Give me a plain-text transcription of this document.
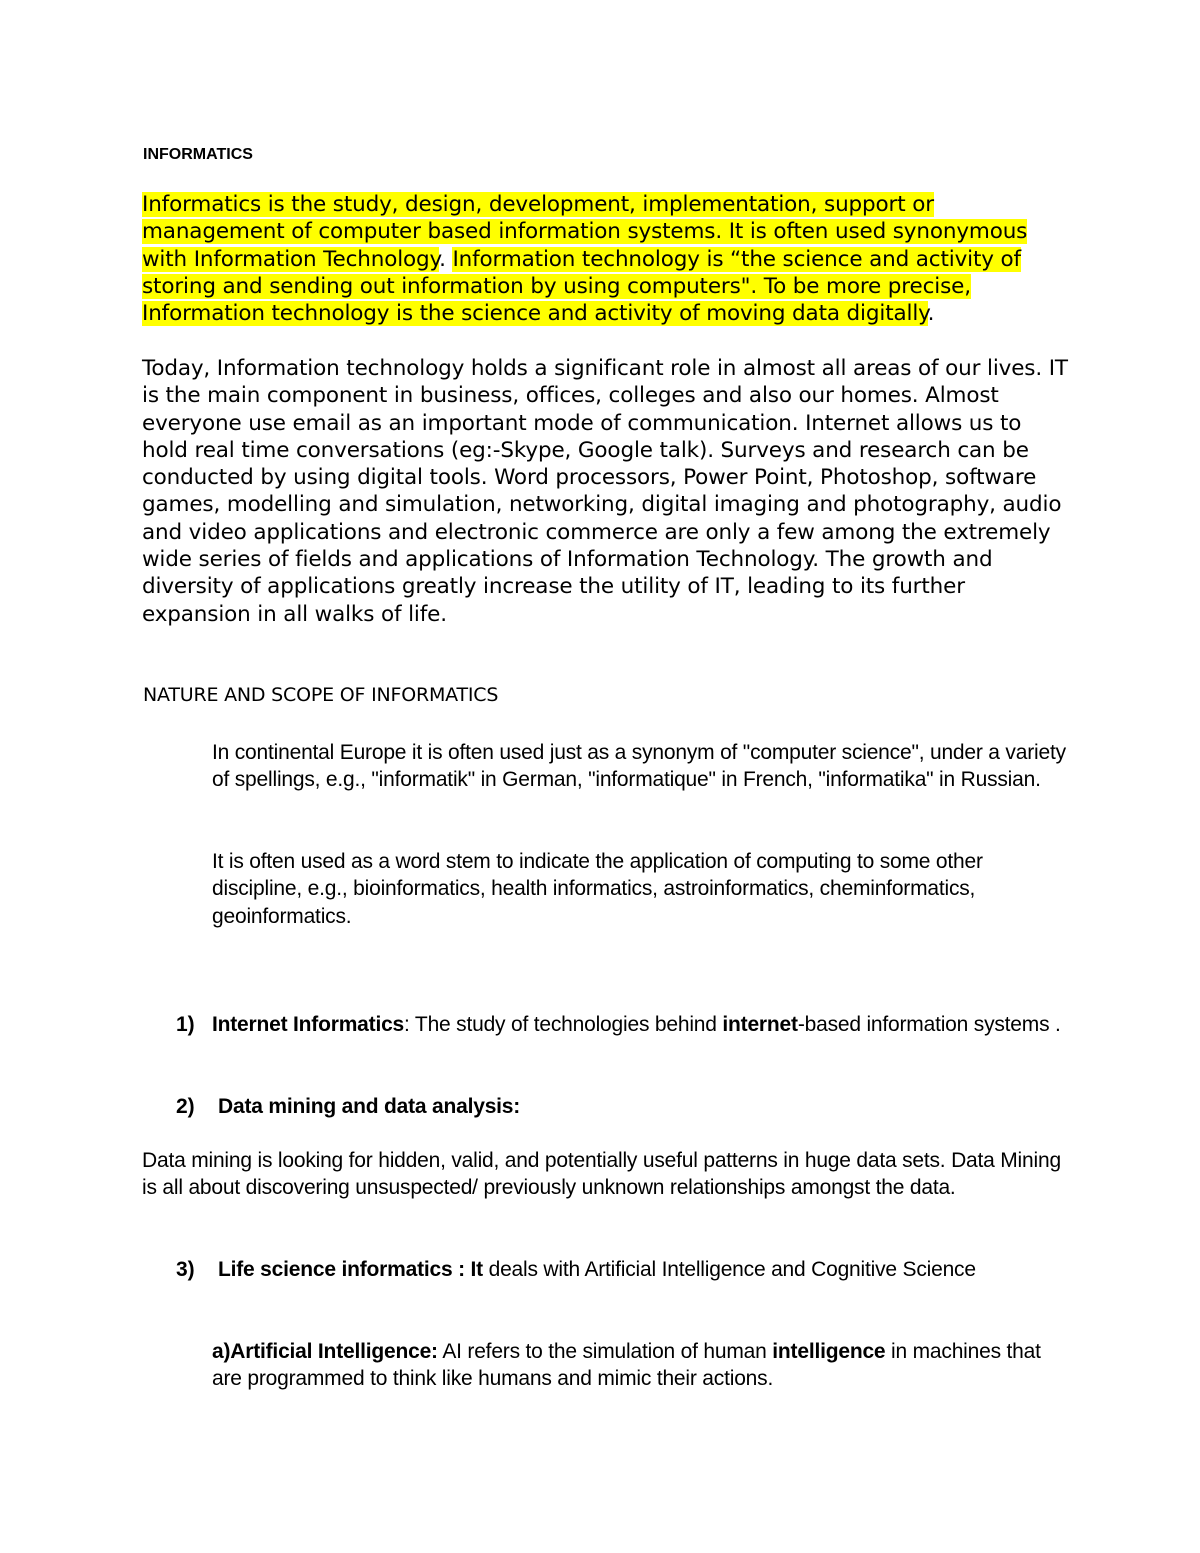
INFORMATICS

Informatics is the study, design, development, implementation, support or management of computer based information systems. It is often used synonymous with Information Technology. Information technology is “the science and activity of storing and sending out information by using computers". To be more precise, Information technology is the science and activity of moving data digitally.

Today, Information technology holds a significant role in almost all areas of our lives. IT is the main component in business, offices, colleges and also our homes. Almost everyone use email as an important mode of communication. Internet allows us to hold real time conversations (eg:-Skype, Google talk). Surveys and research can be conducted by using digital tools. Word processors, Power Point, Photoshop, software games, modelling and simulation, networking, digital imaging and photography, audio and video applications and electronic commerce are only a few among the extremely wide series of fields and applications of Information Technology. The growth and diversity of applications greatly increase the utility of IT, leading to its further expansion in all walks of life.

NATURE AND SCOPE OF INFORMATICS

In continental Europe it is often used just as a synonym of "computer science", under a variety of spellings, e.g., "informatik" in German, "informatique" in French, "informatika" in Russian.

It is often used as a word stem to indicate the application of computing to some other discipline, e.g., bioinformatics, health informatics, astroinformatics, cheminformatics, geoinformatics.

1) Internet Informatics: The study of technologies behind internet-based information systems .

2) Data mining and data analysis:

Data mining is looking for hidden, valid, and potentially useful patterns in huge data sets. Data Mining is all about discovering unsuspected/ previously unknown relationships amongst the data.

3) Life science informatics : It deals with Artificial Intelligence and Cognitive Science

a)Artificial Intelligence: AI refers to the simulation of human intelligence in machines that are programmed to think like humans and mimic their actions.
